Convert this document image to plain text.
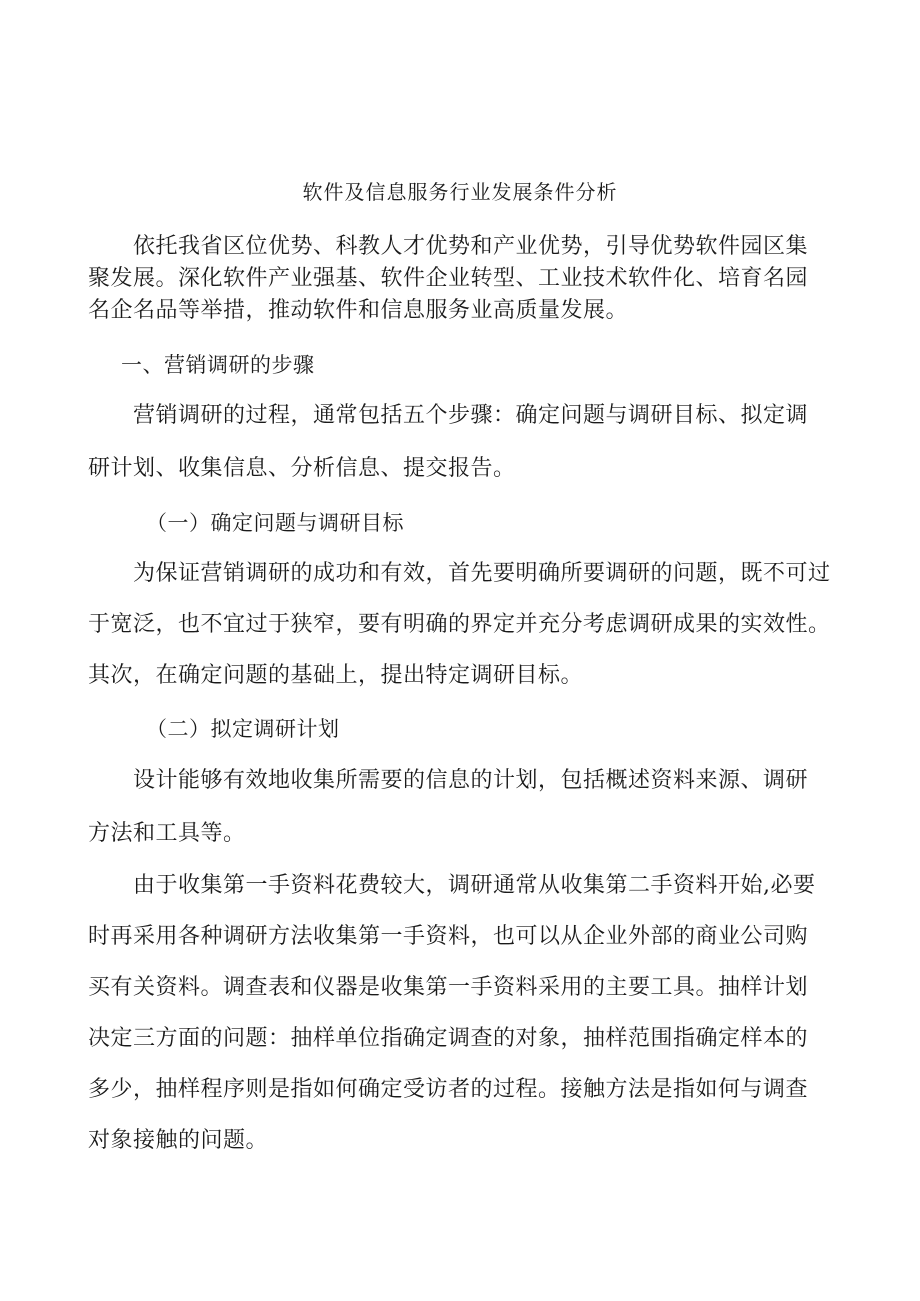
软件及信息服务行业发展条件分析
依托我省区位优势、科教人才优势和产业优势，引导优势软件园区集
聚发展。深化软件产业强基、软件企业转型、工业技术软件化、培育名园
名企名品等举措，推动软件和信息服务业高质量发展。
一、营销调研的步骤
营销调研的过程，通常包括五个步骤：确定问题与调研目标、拟定调
研计划、收集信息、分析信息、提交报告。
（一）确定问题与调研目标
为保证营销调研的成功和有效，首先要明确所要调研的问题，既不可过
于宽泛，也不宜过于狭窄，要有明确的界定并充分考虑调研成果的实效性。
其次，在确定问题的基础上，提出特定调研目标。
（二）拟定调研计划
设计能够有效地收集所需要的信息的计划，包括概述资料来源、调研
方法和工具等。
由于收集第一手资料花费较大，调研通常从收集第二手资料开始,必要
时再采用各种调研方法收集第一手资料，也可以从企业外部的商业公司购
买有关资料。调查表和仪器是收集第一手资料采用的主要工具。抽样计划
决定三方面的问题：抽样单位指确定调查的对象，抽样范围指确定样本的
多少，抽样程序则是指如何确定受访者的过程。接触方法是指如何与调查
对象接触的问题。
